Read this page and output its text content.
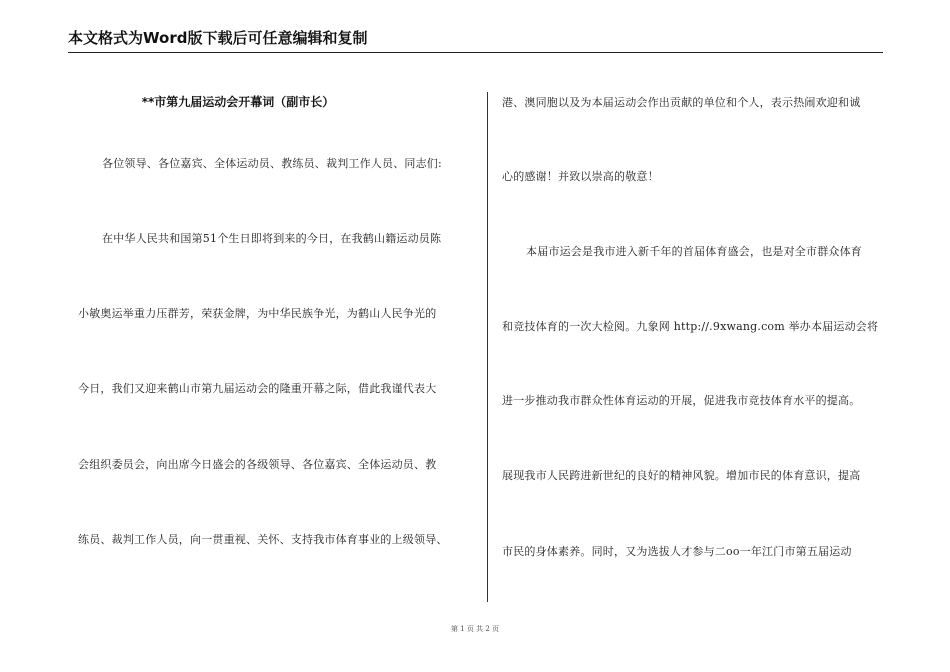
本文格式为Word版下载后可任意编辑和复制
**市第九届运动会开幕词（副市长）
各位领导、各位嘉宾、全体运动员、教练员、裁判工作人员、同志们:
在中华人民共和国第51个生日即将到来的今日，在我鹤山籍运动员陈
小敏奥运举重力压群芳，荣获金牌，为中华民族争光，为鹤山人民争光的
今日，我们又迎来鹤山市第九届运动会的隆重开幕之际，借此我谨代表大
会组织委员会，向出席今日盛会的各级领导、各位嘉宾、全体运动员、教
练员、裁判工作人员，向一贯重视、关怀、支持我市体育事业的上级领导、
港、澳同胞以及为本届运动会作出贡献的单位和个人，表示热闹欢迎和诚
心的感谢！并致以崇高的敬意！
本届市运会是我市进入新千年的首届体育盛会，也是对全市群众体育
和竞技体育的一次大检阅。九象网 http://.9xwang.com 举办本届运动会将
进一步推动我市群众性体育运动的开展，促进我市竞技体育水平的提高。
展现我市人民跨进新世纪的良好的精神风貌。增加市民的体育意识，提高
市民的身体素养。同时，又为选拔人才参与二oo一年江门市第五届运动
第 1 页 共 2 页
